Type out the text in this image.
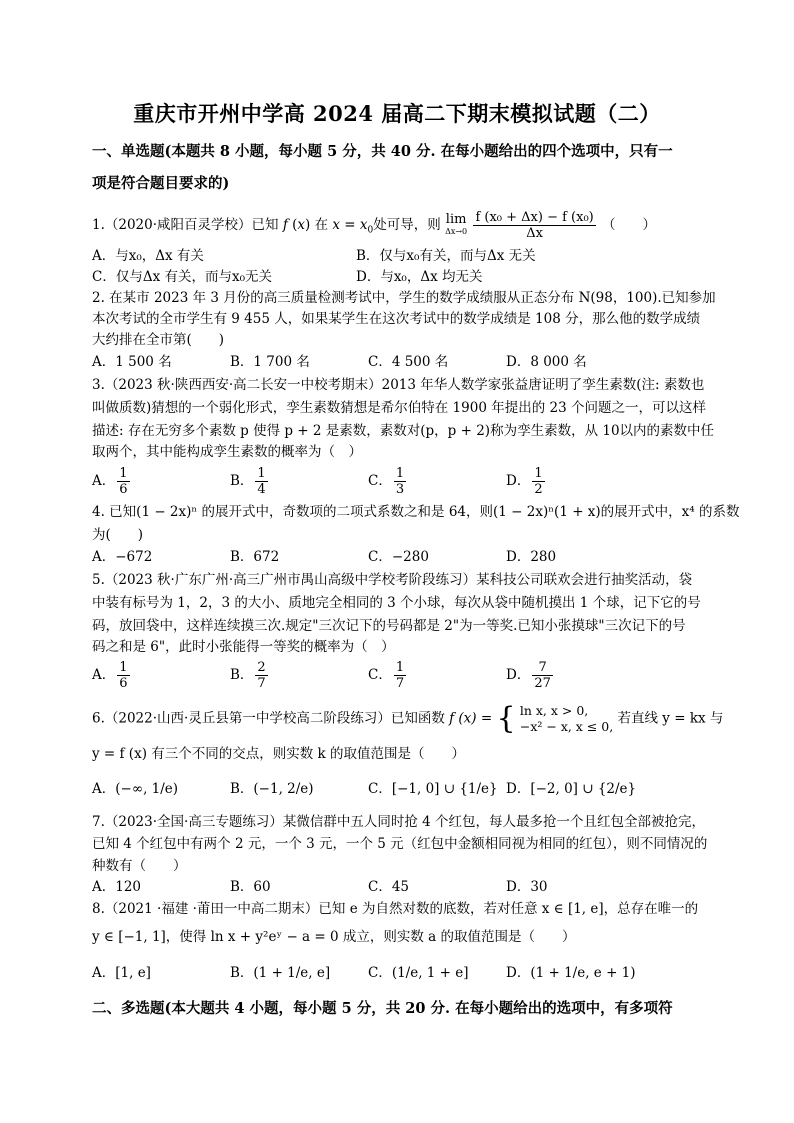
重庆市开州中学高 2024 届高二下期末模拟试题（二）
一、单选题(本题共 8 小题，每小题 5 分，共 40 分. 在每小题给出的四个选项中，只有一
项是符合题目要求的)
1.（2020·咸阳百灵学校）已知 f (x) 在 $x = x_0$处可导，则 lim
Δx→0
$\frac{\text{f (x₀ + Δx) − f (x₀)}}{\Delta x}$ （　　）
A．与x₀，Δx 有关	B．仅与x₀有关，而与Δx 无关
C．仅与Δx 有关，而与x₀无关	D．与x₀，Δx 均无关
2. 在某市 2023 年 3 月份的高三质量检测考试中，学生的数学成绩服从正态分布 N(98，100).已知参加
本次考试的全市学生有 9 455 人，如果某学生在这次考试中的数学成绩是 108 分，那么他的数学成绩
大约排在全市第(　　)
A．1 500 名	B．1 700 名	C．4 500 名	D．8 000 名
3.（2023 秋·陕西西安·高二长安一中校考期末）2013 年华人数学家张益唐证明了孪生素数(注: 素数也
叫做质数)猜想的一个弱化形式，孪生素数猜想是希尔伯特在 1900 年提出的 23 个问题之一，可以这样
描述: 存在无穷多个素数 p 使得 p + 2 是素数，素数对(p，p + 2)称为孪生素数，从 10以内的素数中任
取两个，其中能构成孪生素数的概率为（　）
A． $\frac{1}{6}$	B． $\frac{1}{4}$	C． $\frac{1}{3}$	D． $\frac{1}{2}$
4. 已知(1 − 2x)ⁿ 的展开式中，奇数项的二项式系数之和是 64，则(1 − 2x)ⁿ(1 + x)的展开式中，x⁴ 的系数
为(　　)
A．−672	B．672	C．−280	D．280
5.（2023 秋·广东广州·高三广州市禺山高级中学校考阶段练习）某科技公司联欢会进行抽奖活动，袋
中装有标号为 1，2，3 的大小、质地完全相同的 3 个小球，每次从袋中随机摸出 1 个球，记下它的号
码，放回袋中，这样连续摸三次.规定"三次记下的号码都是 2"为一等奖.已知小张摸球"三次记下的号
码之和是 6"，此时小张能得一等奖的概率为（　）
A． $\frac{1}{6}$	B． $\frac{2}{7}$	C． $\frac{1}{7}$	D． $\frac{7}{27}$
6.（2022·山西·灵丘县第一中学校高二阶段练习）已知函数 f (x) = { ln x, x > 0,
−x² − x, x ≤ 0, 若直线 y = kx 与
y = f (x) 有三个不同的交点，则实数 k 的取值范围是（　　）
A．(−∞, 1/e)	B．(−1, 2/e)	C．[−1, 0] ∪ {1/e} D．[−2, 0] ∪ {2/e}
7.（2023·全国·高三专题练习）某微信群中五人同时抢 4 个红包，每人最多抢一个且红包全部被抢完，
已知 4 个红包中有两个 2 元，一个 3 元，一个 5 元（红包中金额相同视为相同的红包），则不同情况的
种数有（　　）
A．120	B．60	C．45	D．30
8.（2021 ·福建 ·莆田一中高二期末）已知 e 为自然对数的底数，若对任意 x ∈ [1, e]，总存在唯一的
y ∈ [−1, 1]，使得 ln x + y²eʸ − a = 0 成立，则实数 a 的取值范围是（　　）
A．[1, e]	B．(1 + 1/e, e]	C．(1/e, 1 + e]	D．(1 + 1/e, e + 1)
二、多选题(本大题共 4 小题，每小题 5 分，共 20 分. 在每小题给出的选项中，有多项符
